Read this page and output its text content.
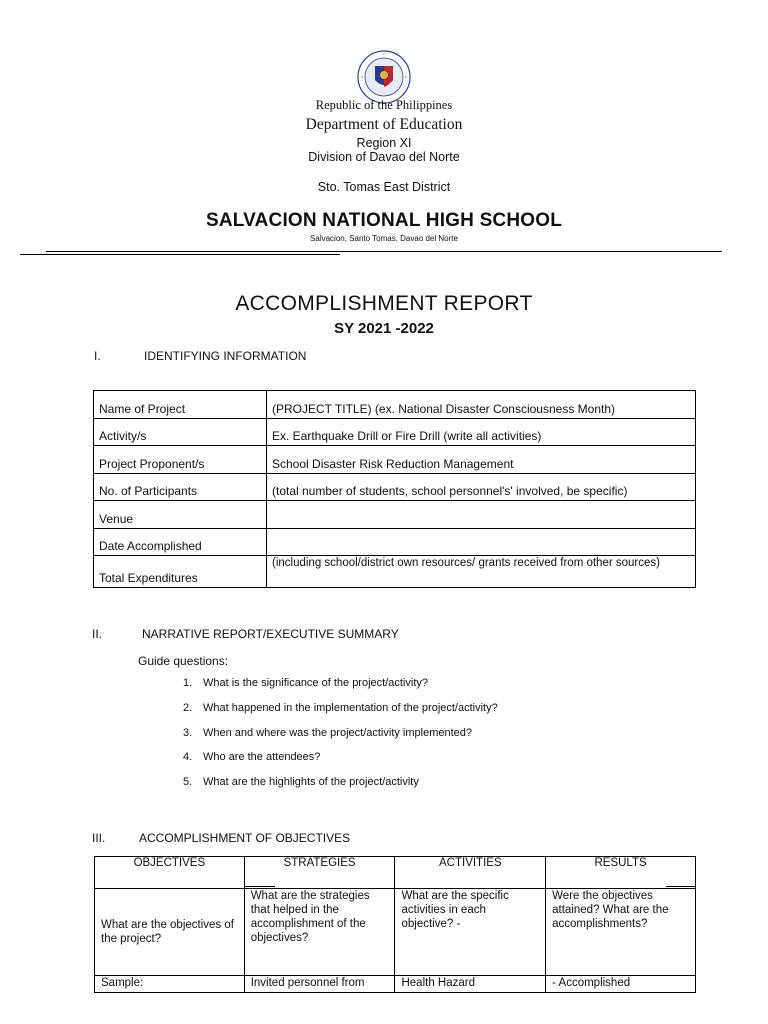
Republic of the Philippines
Department of Education
Region XI
Division of Davao del Norte
Sto. Tomas East District
SALVACION NATIONAL HIGH SCHOOL
Salvacion, Santo Tomas, Davao del Norte
ACCOMPLISHMENT REPORT
SY 2021 -2022
I.	IDENTIFYING INFORMATION
Name of Project	(PROJECT TITLE) (ex. National Disaster Consciousness Month)
Activity/s	Ex. Earthquake Drill or Fire Drill (write all activities)
Project Proponent/s	School Disaster Risk Reduction Management
No. of Participants	(total number of students, school personnel's' involved, be specific)
Venue	
Date Accomplished	
Total Expenditures	(including school/district own resources/ grants received from other sources)
II.	NARRATIVE REPORT/EXECUTIVE SUMMARY
Guide questions:
1. What is the significance of the project/activity?
2. What happened in the implementation of the project/activity?
3. When and where was the project/activity implemented?
4. Who are the attendees?
5. What are the highlights of the project/activity
III.	ACCOMPLISHMENT OF OBJECTIVES
OBJECTIVES	STRATEGIES	ACTIVITIES	RESULTS
What are the objectives of the project?	What are the strategies that helped in the accomplishment of the objectives?	What are the specific activities in each objective? -	Were the objectives attained? What are the accomplishments?
Sample:	Invited personnel from	Health Hazard	- Accomplished
